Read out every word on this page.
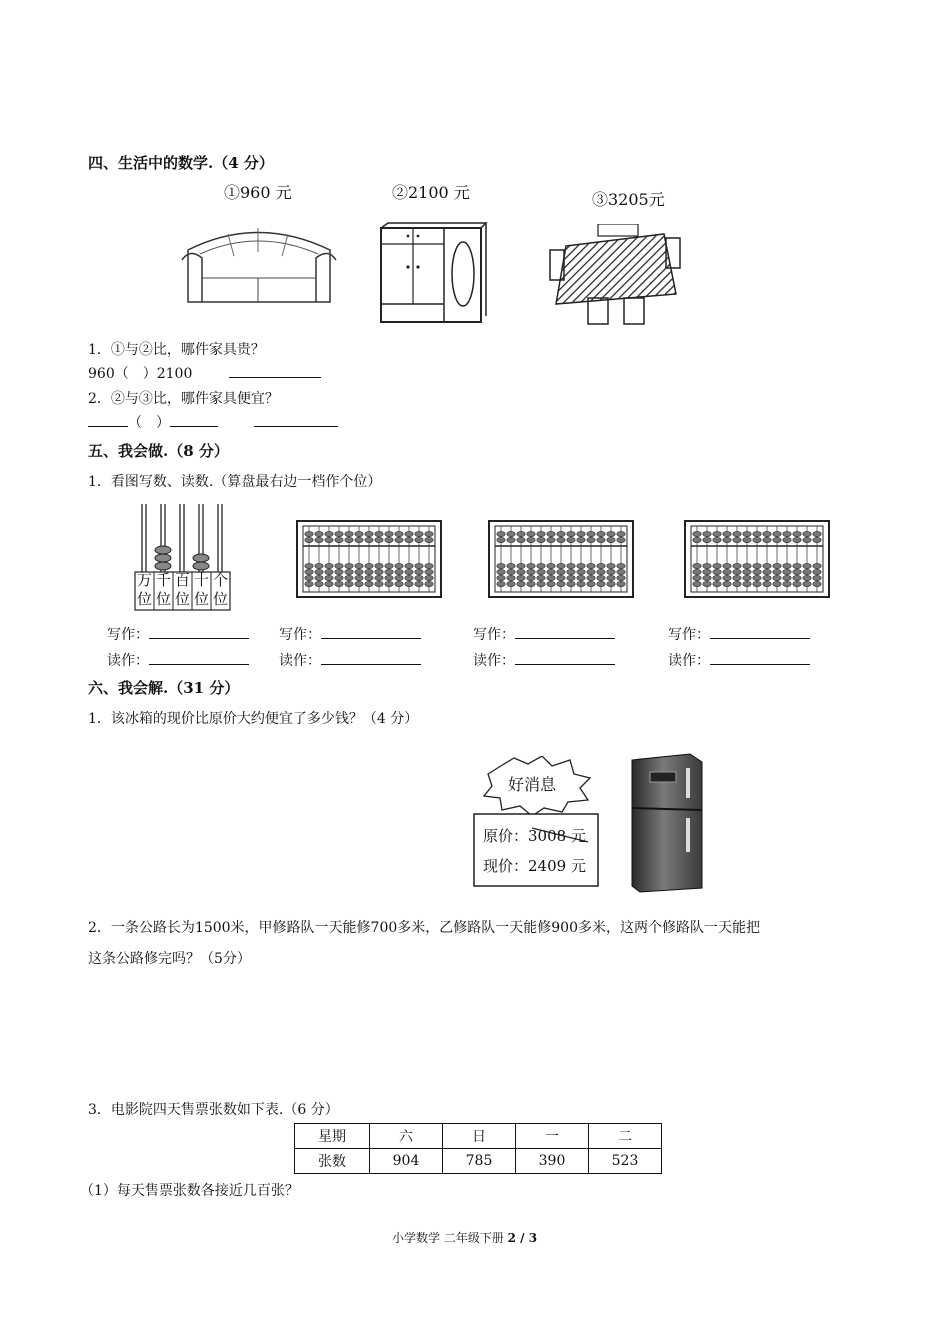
四、生活中的数学.（4 分）
①960 元	②2100 元	③3205元
1．①与②比，哪件家具贵？
960（　）2100
2．②与③比，哪件家具便宜？
（　）
五、我会做.（8 分）
1．看图写数、读数.（算盘最右边一档作个位）
万 千 百 十 个
位 位 位 位 位
写作：	写作：	写作：	写作：
读作：	读作：	读作：	读作：
六、我会解.（31 分）
1．该冰箱的现价比原价大约便宜了多少钱？（4 分）
好消息
原价：3008 元
现价：2409 元
2．一条公路长为1500米，甲修路队一天能修700多米，乙修路队一天能修900多米，这两个修路队一天能把
这条公路修完吗？（5分）
3．电影院四天售票张数如下表.（6 分）
星期	六	日	一	二
张数	904	785	390	523
（1）每天售票张数各接近几百张？
小学数学 二年级下册 2 / 3
